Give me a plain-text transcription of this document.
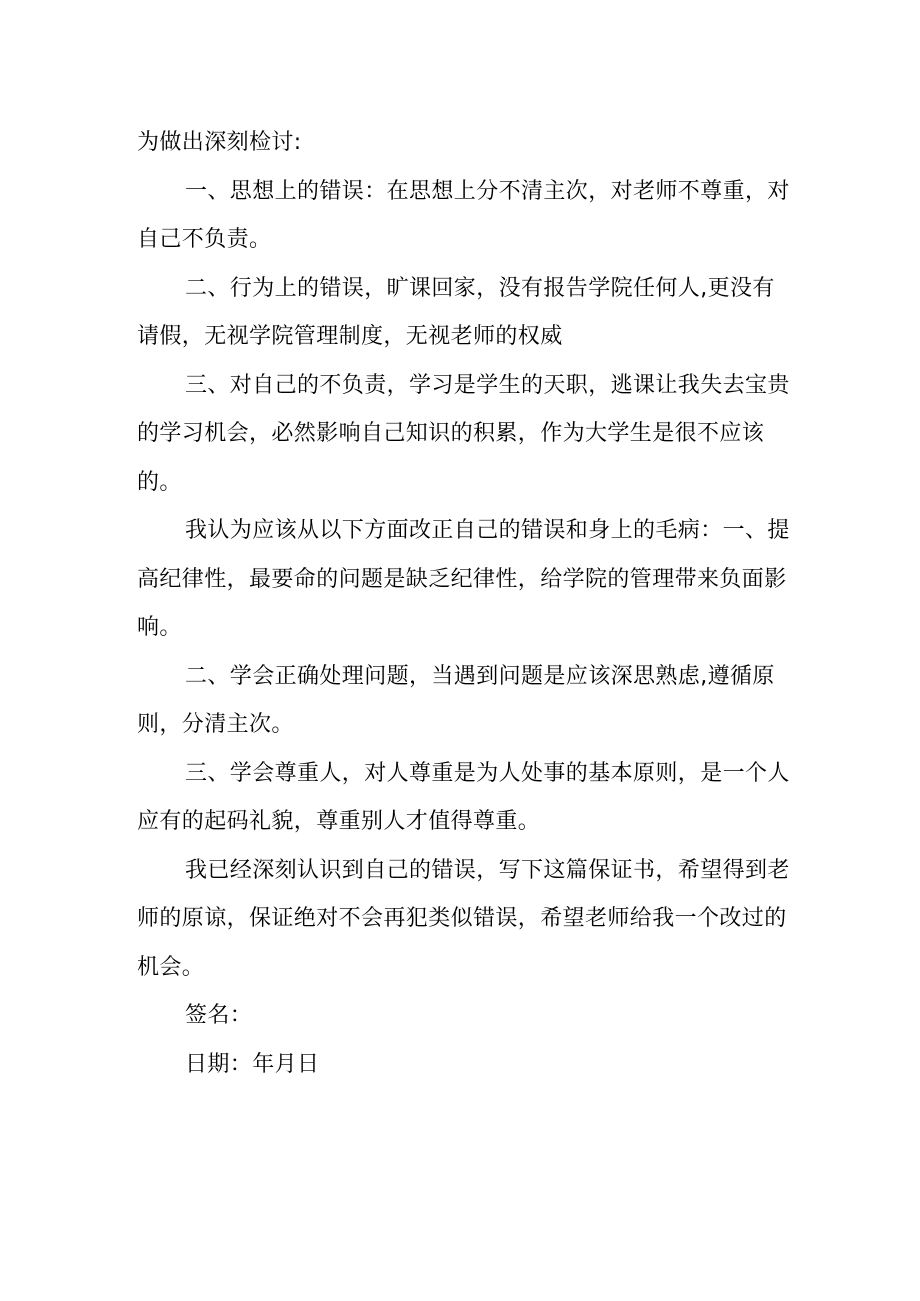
为做出深刻检讨:

一、思想上的错误：在思想上分不清主次，对老师不尊重，对自己不负责。

二、行为上的错误，旷课回家，没有报告学院任何人,更没有请假，无视学院管理制度，无视老师的权威

三、对自己的不负责，学习是学生的天职，逃课让我失去宝贵的学习机会，必然影响自己知识的积累，作为大学生是很不应该的。

我认为应该从以下方面改正自己的错误和身上的毛病：一、提高纪律性，最要命的问题是缺乏纪律性，给学院的管理带来负面影响。

二、学会正确处理问题，当遇到问题是应该深思熟虑,遵循原则，分清主次。

三、学会尊重人，对人尊重是为人处事的基本原则，是一个人应有的起码礼貌，尊重别人才值得尊重。

我已经深刻认识到自己的错误，写下这篇保证书，希望得到老师的原谅，保证绝对不会再犯类似错误，希望老师给我一个改过的机会。

签名：

日期：年月日
